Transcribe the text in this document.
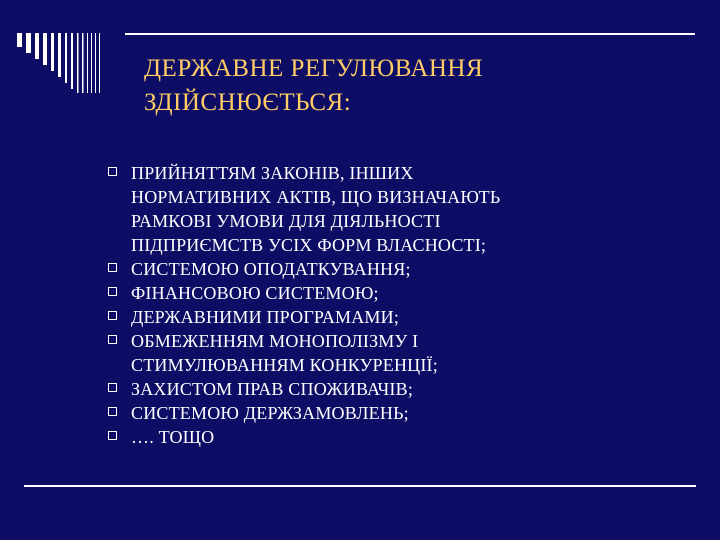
ДЕРЖАВНЕ РЕГУЛЮВАННЯ
ЗДІЙСНЮЄТЬСЯ:
ПРИЙНЯТТЯМ ЗАКОНІВ, ІНШИХ
НОРМАТИВНИХ АКТІВ, ЩО ВИЗНАЧАЮТЬ
РАМКОВІ УМОВИ ДЛЯ ДІЯЛЬНОСТІ
ПІДПРИЄМСТВ УСІХ ФОРМ ВЛАСНОСТІ;
СИСТЕМОЮ ОПОДАТКУВАННЯ;
ФІНАНСОВОЮ СИСТЕМОЮ;
ДЕРЖАВНИМИ ПРОГРАМАМИ;
ОБМЕЖЕННЯМ МОНОПОЛІЗМУ І
СТИМУЛЮВАННЯМ КОНКУРЕНЦІЇ;
ЗАХИСТОМ ПРАВ СПОЖИВАЧІВ;
СИСТЕМОЮ ДЕРЖЗАМОВЛЕНЬ;
…. ТОЩО
